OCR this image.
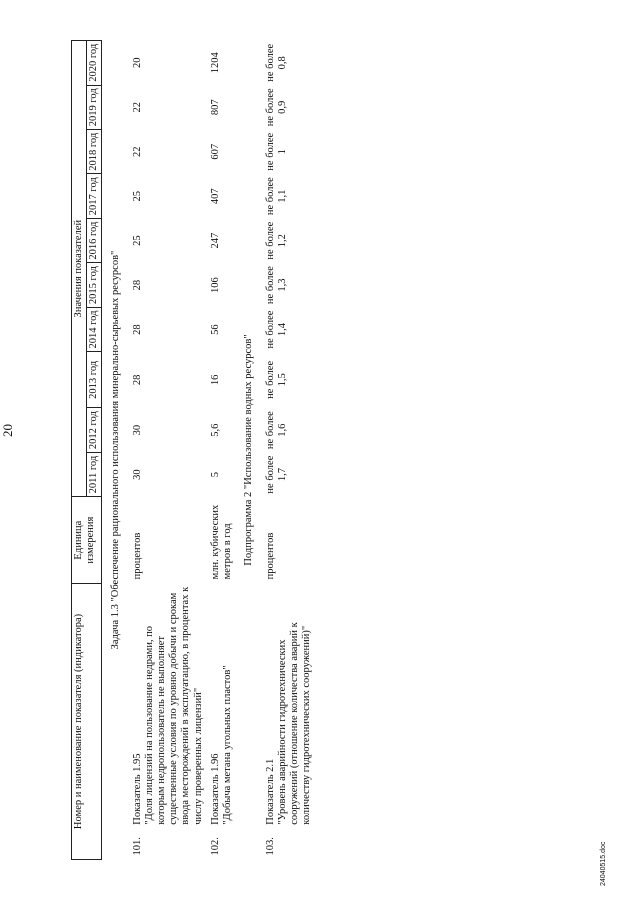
20
24040515.doc
Номер и наименование показателя (индикатора)		Единица измерения	Значения показателей									
			2011 год	2012 год	2013 год	2014 год	2015 год	2016 год	2017 год	2018 год	2019 год	2020 год
Задача 1.3 "Обеспечение рационального использования минерально-сырьевых ресурсов"												
101.	Показатель 1.95 "Доля лицензий на пользование недрами, по которым недропользователь не выполняет существенные условия по уровню добычи и срокам ввода месторождений в эксплуатацию, в процентах к числу проверенных лицензий"	процентов	30	30	28	28	28	25	25	22	22	20
102.	Показатель 1.96 "Добыча метана угольных пластов"	млн. кубических метров в год	5	5,6	16	56	106	247	407	607	807	1204
Подпрограмма 2 "Использование водных ресурсов"												
103.	Показатель 2.1 "Уровень аварийности гидротехнических сооружений (отношение количества аварий к количеству гидротехнических сооружений)"	процентов	не более 1,7	не более 1,6	не более 1,5	не более 1,4	не более 1,3	не более 1,2	не более 1,1	не более 1	не более 0,9	не более 0,8
